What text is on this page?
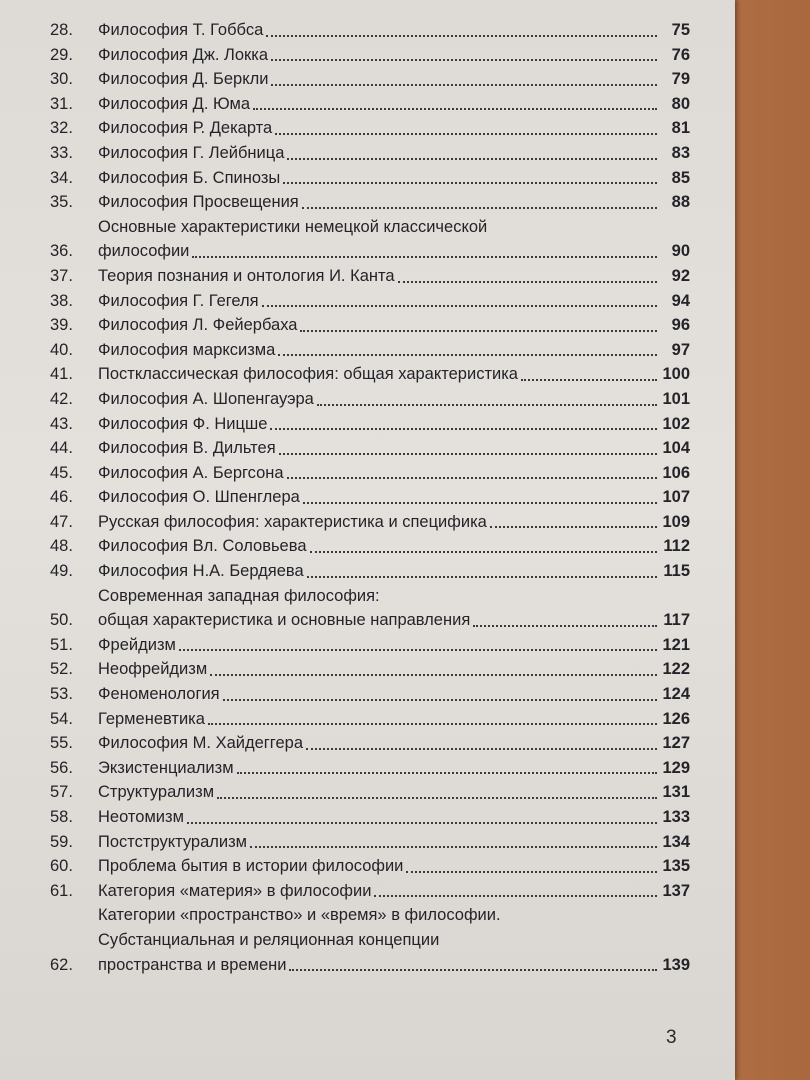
28.	Философия Т. Гоббса	75
29.	Философия Дж. Локка	76
30.	Философия Д. Беркли	79
31.	Философия Д. Юма	80
32.	Философия Р. Декарта	81
33.	Философия Г. Лейбница	83
34.	Философия Б. Спинозы	85
35.	Философия Просвещения	88
36.
Основные характеристики немецкой классической
философии	90
37.	Теория познания и онтология И. Канта	92
38.	Философия Г. Гегеля	94
39.	Философия Л. Фейербаха	96
40.	Философия марксизма	97
41.	Постклассическая философия: общая характеристика	100
42.	Философия А. Шопенгауэра	101
43.	Философия Ф. Ницше	102
44.	Философия В. Дильтея	104
45.	Философия А. Бергсона	106
46.	Философия О. Шпенглера	107
47.	Русская философия: характеристика и специфика	109
48.	Философия Вл. Соловьева	112
49.	Философия Н.А. Бердяева	115
50.
Современная западная философия:
общая характеристика и основные направления	117
51.	Фрейдизм	121
52.	Неофрейдизм	122
53.	Феноменология	124
54.	Герменевтика	126
55.	Философия М. Хайдеггера	127
56.	Экзистенциализм	129
57.	Структурализм	131
58.	Неотомизм	133
59.	Постструктурализм	134
60.	Проблема бытия в истории философии	135
61.	Категория «материя» в философии	137
62.
Категории «пространство» и «время» в философии.
Субстанциальная и реляционная концепции
пространства и времени	139
3
